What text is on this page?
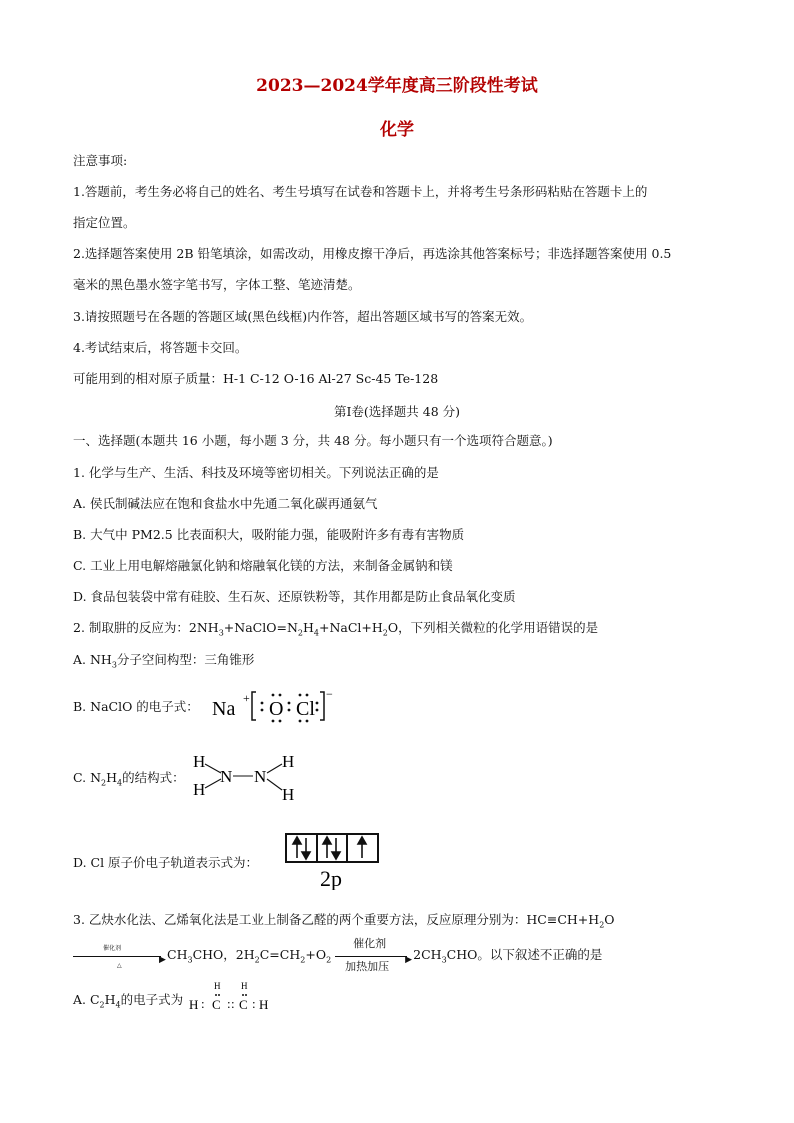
2023—2024学年度高三阶段性考试
化学
注意事项:
1.答题前，考生务必将自己的姓名、考生号填写在试卷和答题卡上，并将考生号条形码粘贴在答题卡上的
指定位置。
2.选择题答案使用 2B 铅笔填涂，如需改动，用橡皮擦干净后，再选涂其他答案标号；非选择题答案使用 0.5
毫米的黑色墨水签字笔书写，字体工整、笔迹清楚。
3.请按照题号在各题的答题区域(黑色线框)内作答，超出答题区域书写的答案无效。
4.考试结束后，将答题卡交回。
可能用到的相对原子质量：H-1 C-12 O-16 Al-27 Sc-45 Te-128
第Ⅰ卷(选择题共 48 分)
一、选择题(本题共 16 小题，每小题 3 分，共 48 分。每小题只有一个选项符合题意。)
1. 化学与生产、生活、科技及环境等密切相关。下列说法正确的是
A. 侯氏制碱法应在饱和食盐水中先通二氧化碳再通氨气
B. 大气中 PM2.5 比表面积大，吸附能力强，能吸附许多有毒有害物质
C. 工业上用电解熔融氯化钠和熔融氧化镁的方法，来制备金属钠和镁
D. 食品包装袋中常有硅胶、生石灰、还原铁粉等，其作用都是防止食品氧化变质
2. 制取肼的反应为：$2NH_3+NaClO=N_2H_4+NaCl+H_2O$，下列相关微粒的化学用语错误的是
A. $NH_3$分子空间构型：三角锥形
B. NaClO 的电子式： Na + O Cl
−
C. $N_2H_4$的结构式：
H
H
N N
H
H
D. Cl 原子价电子轨道表示式为：
2p
3. 乙炔水化法、乙烯氧化法是工业上制备乙醛的两个重要方法，反应原理分别为：$HC\equiv CH+H_2O$
催化剂
▶
△
$CH_3CHO$，$2H_2C=CH_2+O_2$
催化剂
▶
加热加压
$2CH_3CHO$。以下叙述不正确的是
A. $C_2H_4$的电子式为 H : C : : C : H
H H
